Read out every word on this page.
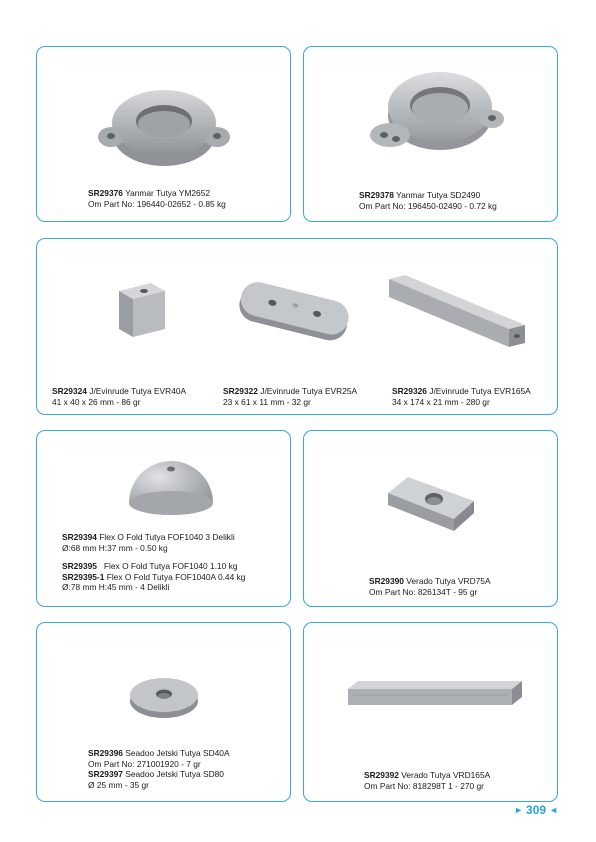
SR29376 Yanmar Tutya YM2652
Om Part No: 196440-02652 - 0.85 kg
SR29378 Yanmar Tutya SD2490
Om Part No: 196450-02490 - 0.72 kg
SR29324 J/Evinrude Tutya EVR40A
41 x 40 x 26 mm - 86 gr
SR29322 J/Evinrude Tutya EVR25A
23 x 61 x 11 mm - 32 gr
SR29326 J/Evinrude Tutya EVR165A
34 x 174 x 21 mm - 280 gr
SR29394 Flex O Fold Tutya FOF1040 3 Delikli
Ø:68 mm H:37 mm - 0.50 kg
SR29395 Flex O Fold Tutya FOF1040 1.10 kg
SR29395-1 Flex O Fold Tutya FOF1040A 0.44 kg
Ø:78 mm H:45 mm - 4 Delikli
SR29390 Verado Tutya VRD75A
Om Part No: 826134T - 95 gr
SR29396 Seadoo Jetski Tutya SD40A
Om Part No: 271001920 - 7 gr
SR29397 Seadoo Jetski Tutya SD80
Ø 25 mm - 35 gr
SR29392 Verado Tutya VRD165A
Om Part No: 818298T 1 - 270 gr
► 309 ◄
